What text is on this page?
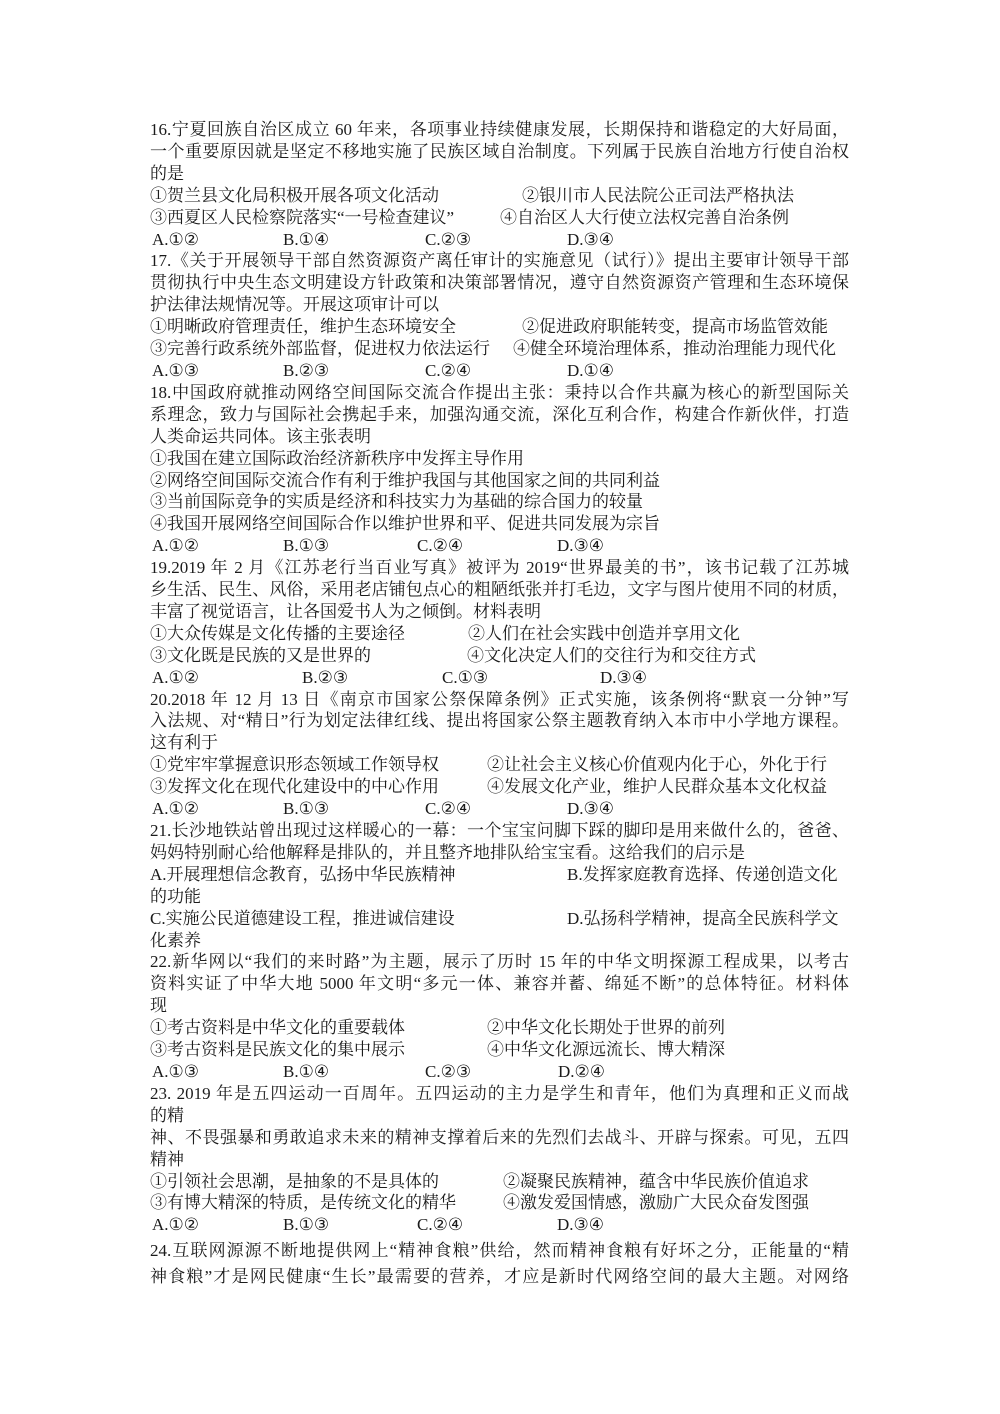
16.宁夏回族自治区成立 60 年来，各项事业持续健康发展，长期保持和谐稳定的大好局面，
一个重要原因就是坚定不移地实施了民族区域自治制度。下列属于民族自治地方行使自治权
的是
①贺兰县文化局积极开展各项文化活动	②银川市人民法院公正司法严格执法
③西夏区人民检察院落实“一号检查建议”	④自治区人大行使立法权完善自治条例
A.①②	B.①④	C.②③	D.③④
17.《关于开展领导干部自然资源资产离任审计的实施意见（试行）》提出主要审计领导干部
贯彻执行中央生态文明建设方针政策和决策部署情况，遵守自然资源资产管理和生态环境保
护法律法规情况等。开展这项审计可以
①明晰政府管理责任，维护生态环境安全	②促进政府职能转变，提高市场监管效能
③完善行政系统外部监督，促进权力依法运行 ④健全环境治理体系，推动治理能力现代化
A.①③	B.②③	C.②④	D.①④
18.中国政府就推动网络空间国际交流合作提出主张：秉持以合作共赢为核心的新型国际关
系理念，致力与国际社会携起手来，加强沟通交流，深化互利合作，构建合作新伙伴，打造
人类命运共同体。该主张表明
①我国在建立国际政治经济新秩序中发挥主导作用
②网络空间国际交流合作有利于维护我国与其他国家之间的共同利益
③当前国际竞争的实质是经济和科技实力为基础的综合国力的较量
④我国开展网络空间国际合作以维护世界和平、促进共同发展为宗旨
A.①②	B.①③	C.②④	D.③④
19.2019 年 2 月《江苏老行当百业写真》被评为 2019“世界最美的书”，该书记载了江苏城
乡生活、民生、风俗，采用老店铺包点心的粗陋纸张并打毛边，文字与图片使用不同的材质，
丰富了视觉语言，让各国爱书人为之倾倒。材料表明
①大众传媒是文化传播的主要途径	②人们在社会实践中创造并享用文化
③文化既是民族的又是世界的	④文化决定人们的交往行为和交往方式
A.①②	B.②③	C.①③	D.③④
20.2018 年 12 月 13 日《南京市国家公祭保障条例》正式实施，该条例将“默哀一分钟”写
入法规、对“精日”行为划定法律红线、提出将国家公祭主题教育纳入本市中小学地方课程。
这有利于
①党牢牢掌握意识形态领域工作领导权	②让社会主义核心价值观内化于心，外化于行
③发挥文化在现代化建设中的中心作用	④发展文化产业，维护人民群众基本文化权益
A.①②	B.①③	C.②④	D.③④
21.长沙地铁站曾出现过这样暖心的一幕：一个宝宝问脚下踩的脚印是用来做什么的，爸爸、
妈妈特别耐心给他解释是排队的，并且整齐地排队给宝宝看。这给我们的启示是
A.开展理想信念教育，弘扬中华民族精神	B.发挥家庭教育选择、传递创造文化
的功能
C.实施公民道德建设工程，推进诚信建设	D.弘扬科学精神，提高全民族科学文
化素养
22.新华网以“我们的来时路”为主题，展示了历时 15 年的中华文明探源工程成果，以考古
资料实证了中华大地 5000 年文明“多元一体、兼容并蓄、绵延不断”的总体特征。材料体
现
①考古资料是中华文化的重要载体	②中华文化长期处于世界的前列
③考古资料是民族文化的集中展示	④中华文化源远流长、博大精深
A.①③	B.①④	C.②③	D.②④
23. 2019 年是五四运动一百周年。五四运动的主力是学生和青年，他们为真理和正义而战
的精
神、不畏强暴和勇敢追求未来的精神支撑着后来的先烈们去战斗、开辟与探索。可见，五四
精神
①引领社会思潮，是抽象的不是具体的	②凝聚民族精神，蕴含中华民族价值追求
③有博大精深的特质，是传统文化的精华	④激发爱国情感，激励广大民众奋发图强
A.①②	B.①③	C.②④	D.③④
24.互联网源源不断地提供网上“精神食粮”供给，然而精神食粮有好坏之分，正能量的“精
神食粮”才是网民健康“生长”最需要的营养，才应是新时代网络空间的最大主题。对网络
